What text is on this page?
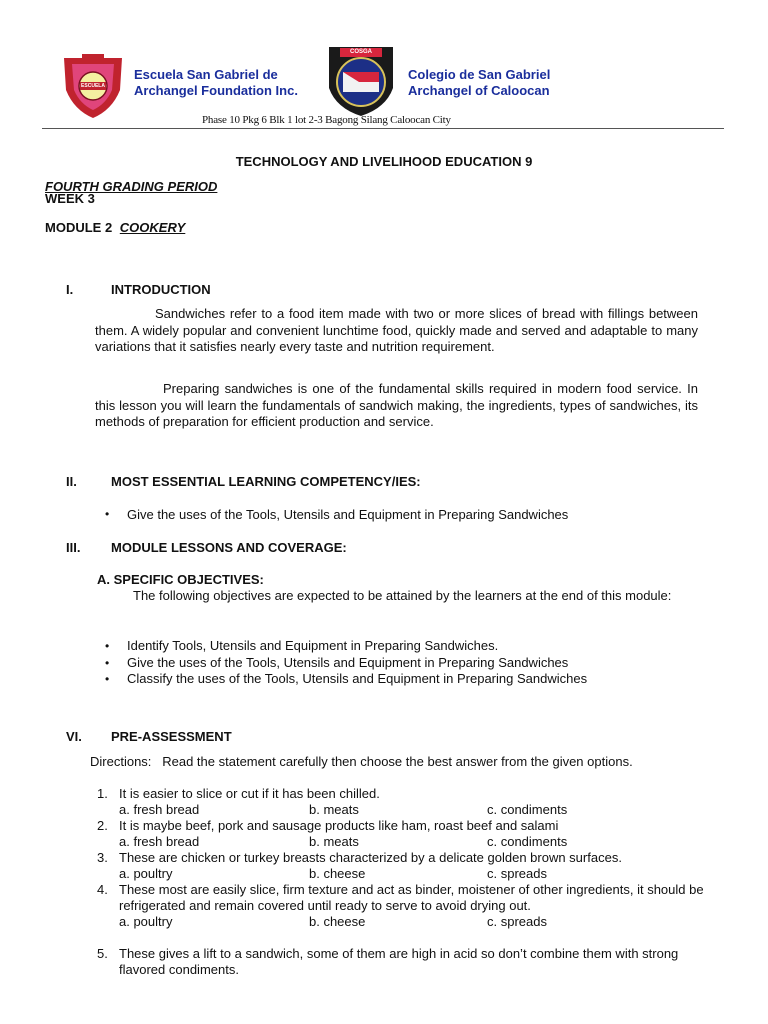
ESCUELA
Escuela San Gabriel de
Archangel Foundation Inc.
COSGA
Colegio de San Gabriel
Archangel of Caloocan
Phase 10 Pkg 6 Blk 1 lot 2-3 Bagong Silang Caloocan City
TECHNOLOGY AND LIVELIHOOD EDUCATION 9
FOURTH GRADING PERIOD
WEEK 3
MODULE 2 COOKERY
I.	INTRODUCTION
Sandwiches refer to a food item made with two or more slices of bread with fillings between them. A widely popular and convenient lunchtime food, quickly made and served and adaptable to many variations that it satisfies nearly every taste and nutrition requirement.
Preparing sandwiches is one of the fundamental skills required in modern food service. In this lesson you will learn the fundamentals of sandwich making, the ingredients, types of sandwiches, its methods of preparation for efficient production and service.
II.	MOST ESSENTIAL LEARNING COMPETENCY/IES:
•	Give the uses of the Tools, Utensils and Equipment in Preparing Sandwiches
III. MODULE LESSONS AND COVERAGE:
A. SPECIFIC OBJECTIVES:
The following objectives are expected to be attained by the learners at the end of this module:
•	Identify Tools, Utensils and Equipment in Preparing Sandwiches.
•	Give the uses of the Tools, Utensils and Equipment in Preparing Sandwiches
•	Classify the uses of the Tools, Utensils and Equipment in Preparing Sandwiches
VI. PRE-ASSESSMENT
Directions:   Read the statement carefully then choose the best answer from the given options.
1. It is easier to slice or cut if it has been chilled.
a. fresh bread	b. meats	c. condiments
2. It is maybe beef, pork and sausage products like ham, roast beef and salami
a. fresh bread	b. meats	c. condiments
3. These are chicken or turkey breasts characterized by a delicate golden brown surfaces.
a. poultry	b. cheese	c. spreads
4. These most are easily slice, firm texture and act as binder, moistener of other ingredients, it should be refrigerated and remain covered until ready to serve to avoid drying out.
a. poultry	b. cheese	c. spreads
5. These gives a lift to a sandwich, some of them are high in acid so don’t combine them with strong flavored condiments.
